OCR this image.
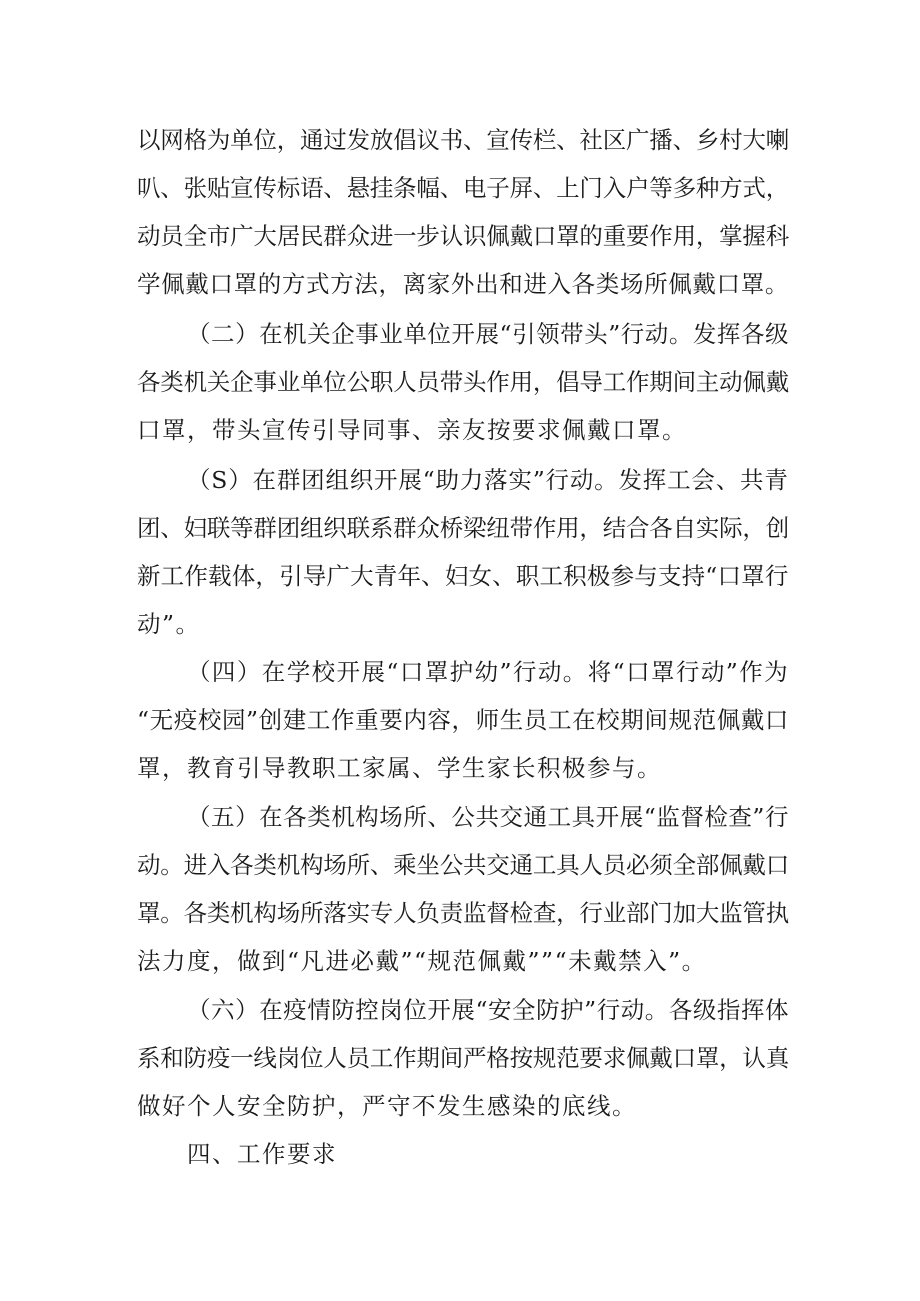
以网格为单位，通过发放倡议书、宣传栏、社区广播、乡村大喇
叭、张贴宣传标语、悬挂条幅、电子屏、上门入户等多种方式，
动员全市广大居民群众进一步认识佩戴口罩的重要作用，掌握科
学佩戴口罩的方式方法，离家外出和进入各类场所佩戴口罩。

（二）在机关企事业单位开展“引领带头”行动。发挥各级
各类机关企事业单位公职人员带头作用，倡导工作期间主动佩戴
口罩，带头宣传引导同事、亲友按要求佩戴口罩。

（S）在群团组织开展“助力落实”行动。发挥工会、共青
团、妇联等群团组织联系群众桥梁纽带作用，结合各自实际，创
新工作载体，引导广大青年、妇女、职工积极参与支持“口罩行
动”。

（四）在学校开展“口罩护幼”行动。将“口罩行动”作为
“无疫校园”创建工作重要内容，师生员工在校期间规范佩戴口
罩，教育引导教职工家属、学生家长积极参与。

（五）在各类机构场所、公共交通工具开展“监督检查”行
动。进入各类机构场所、乘坐公共交通工具人员必须全部佩戴口
罩。各类机构场所落实专人负责监督检查，行业部门加大监管执
法力度，做到“凡进必戴”“规范佩戴””“未戴禁入”。

（六）在疫情防控岗位开展“安全防护”行动。各级指挥体
系和防疫一线岗位人员工作期间严格按规范要求佩戴口罩，认真
做好个人安全防护，严守不发生感染的底线。

四、工作要求
